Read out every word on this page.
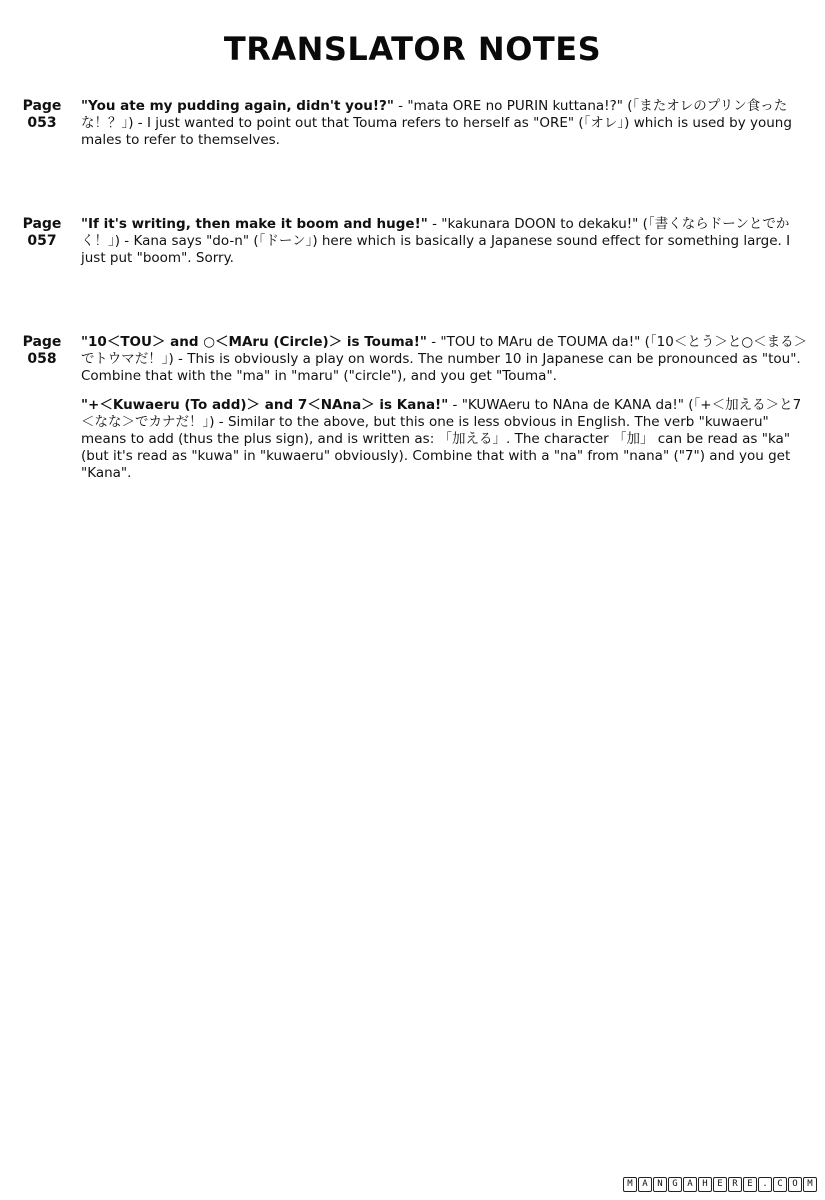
TRANSLATOR NOTES
Page
053
"You ate my pudding again, didn't you!?" - "mata ORE no PURIN kuttana!?" (「またオレのプリン食ったな！？」) - I just wanted to point out that Touma refers to herself as "ORE" (「オレ」) which is used by young males to refer to themselves.
Page
057
"If it's writing, then make it boom and huge!" - "kakunara DOON to dekaku!" (「書くならドーンとでかく！」) - Kana says "do-n" (「ドーン」) here which is basically a Japanese sound effect for something large. I just put "boom". Sorry.
Page
058
"10＜TOU＞ and ○＜MAru (Circle)＞ is Touma!" - "TOU to MAru de TOUMA da!" (「10＜とう＞と○＜まる＞でトウマだ！」) - This is obviously a play on words. The number 10 in Japanese can be pronounced as "tou". Combine that with the "ma" in "maru" ("circle"), and you get "Touma".
"+＜Kuwaeru (To add)＞ and 7＜NAna＞ is Kana!" - "KUWAeru to NAna de KANA da!" (「+＜加える＞と7＜なな＞でカナだ！」) - Similar to the above, but this one is less obvious in English. The verb "kuwaeru" means to add (thus the plus sign), and is written as: 「加える」. The character 「加」 can be read as "ka" (but it's read as "kuwa" in "kuwaeru" obviously). Combine that with a "na" from "nana" ("7") and you get "Kana".
M	A	N	G	A	H	E	R	E	.	C	O	M
